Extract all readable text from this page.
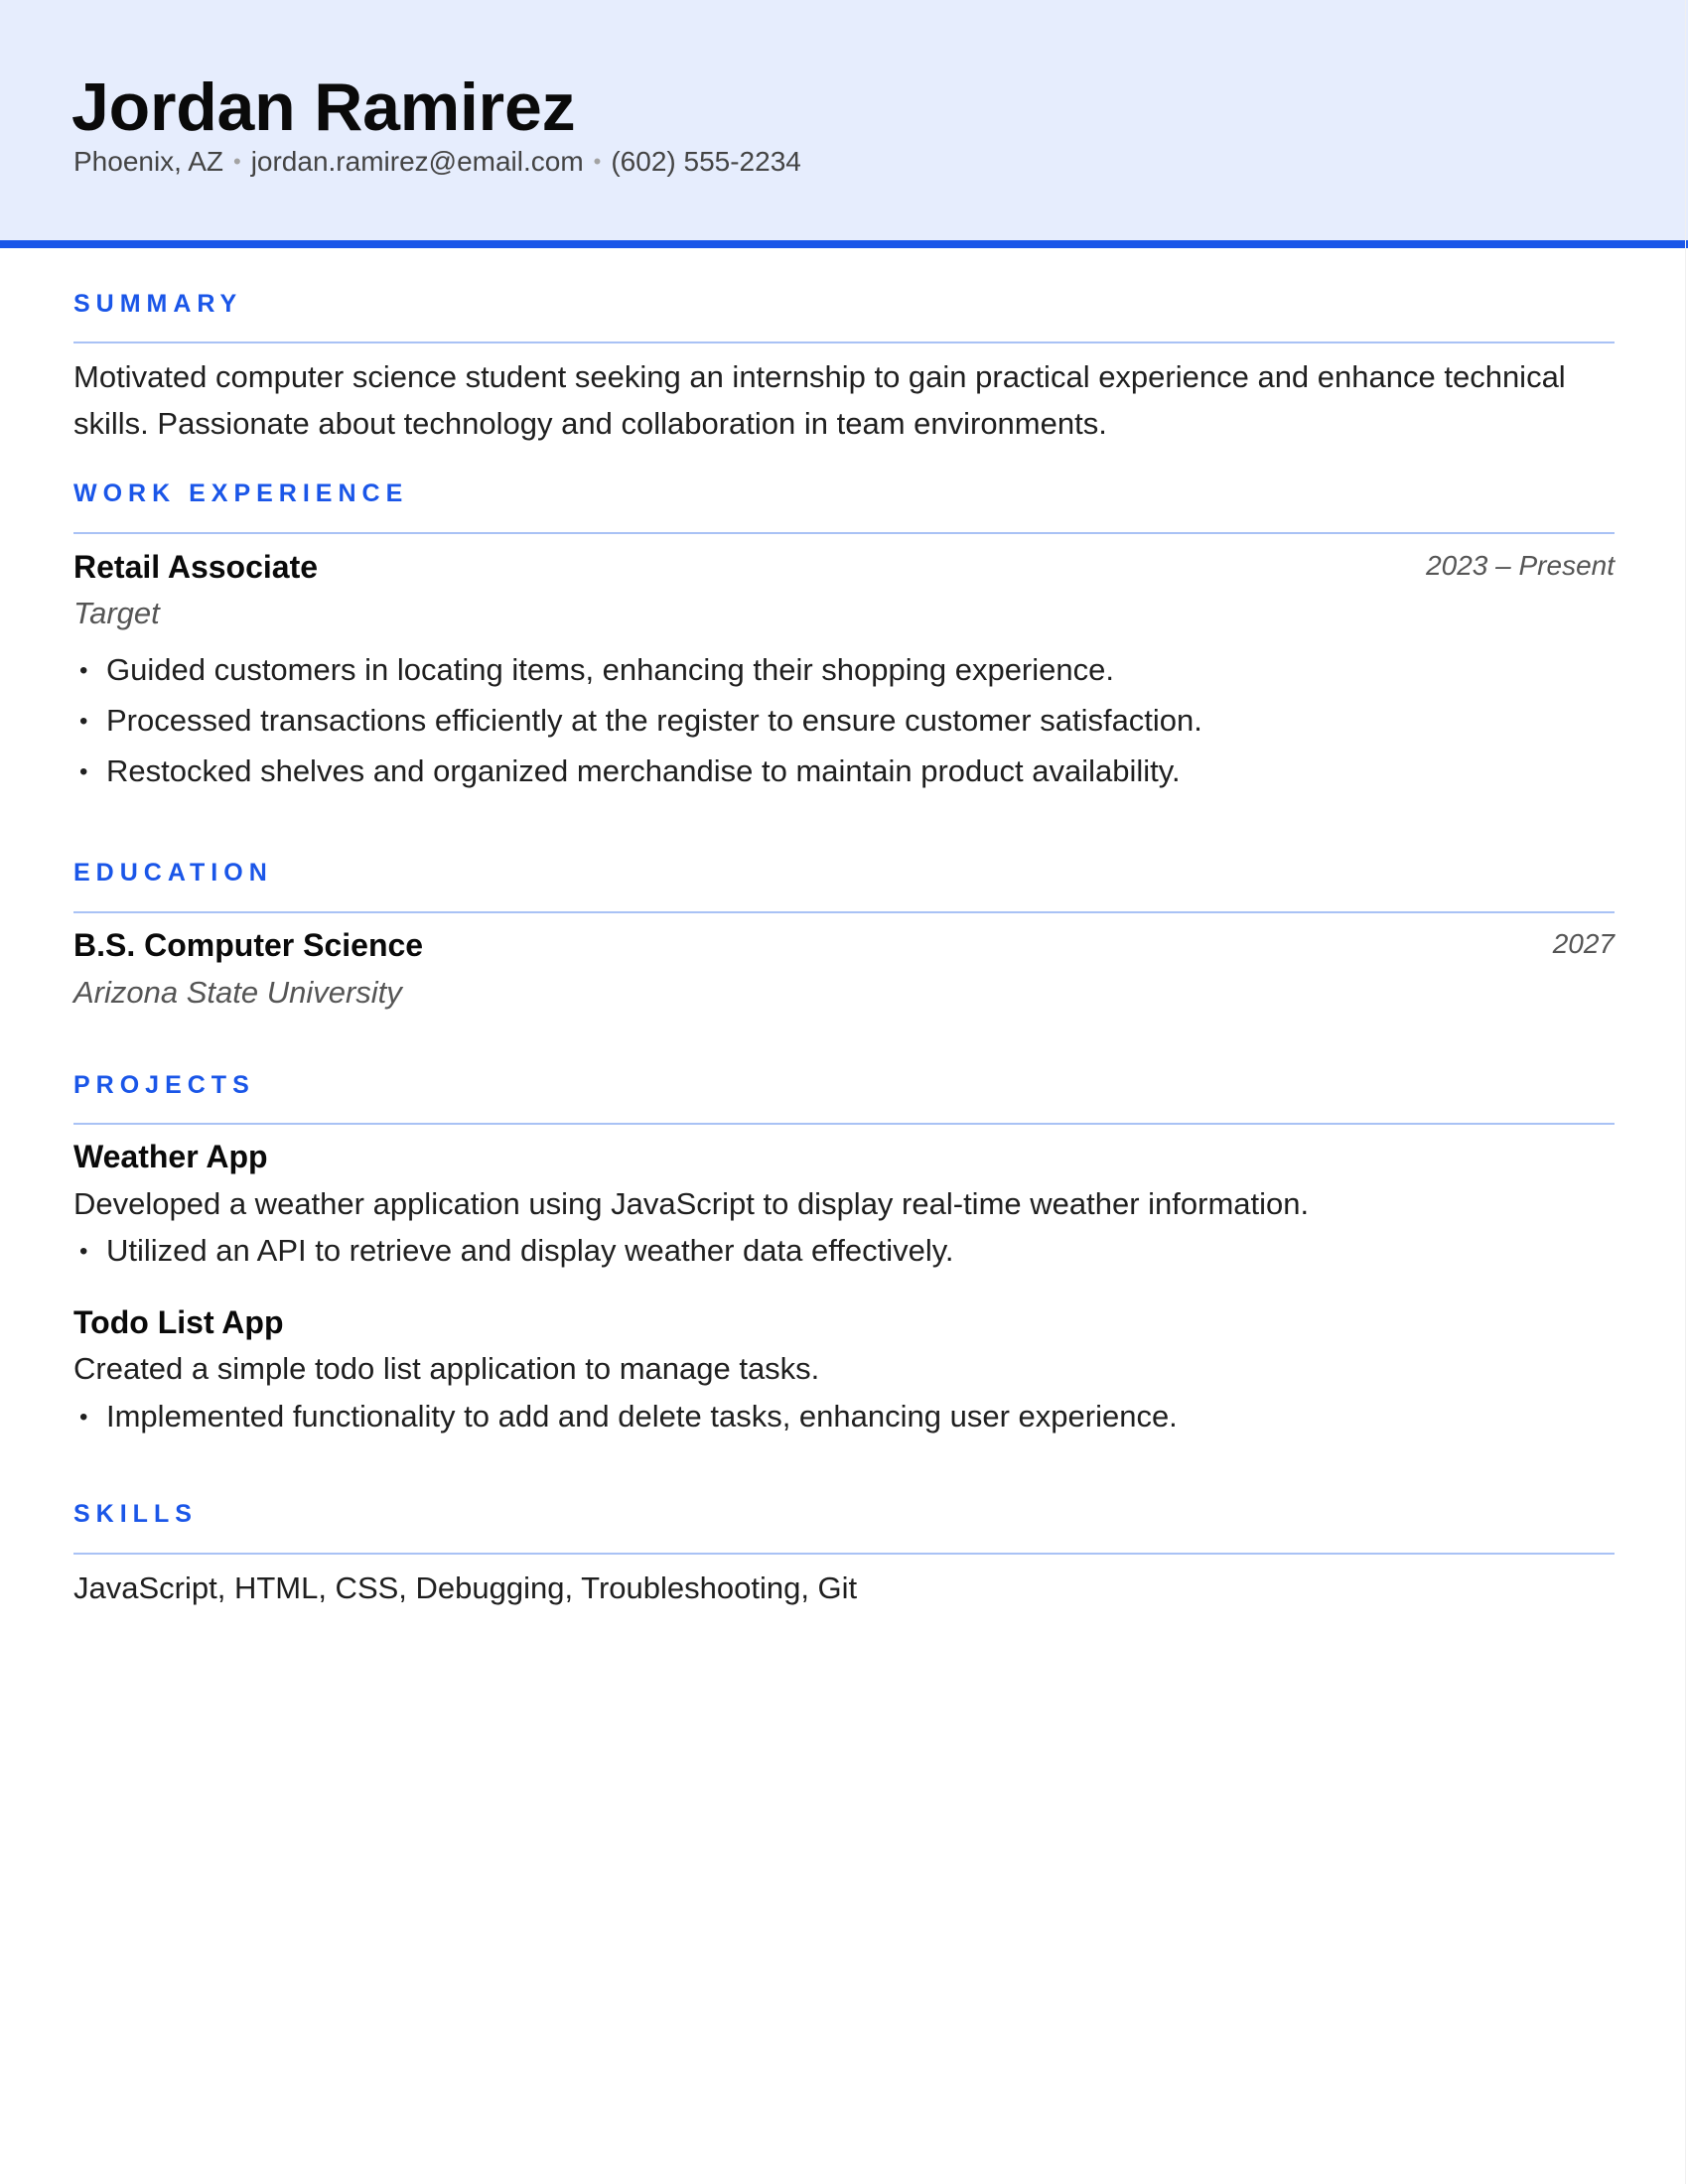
Jordan Ramirez
Phoenix, AZ • jordan.ramirez@email.com • (602) 555-2234
SUMMARY
Motivated computer science student seeking an internship to gain practical experience and enhance technical
skills. Passionate about technology and collaboration in team environments.
WORK EXPERIENCE
Retail Associate	2023 – Present
Target
• Guided customers in locating items, enhancing their shopping experience.
• Processed transactions efficiently at the register to ensure customer satisfaction.
• Restocked shelves and organized merchandise to maintain product availability.
EDUCATION
B.S. Computer Science	2027
Arizona State University
PROJECTS
Weather App
Developed a weather application using JavaScript to display real-time weather information.
• Utilized an API to retrieve and display weather data effectively.
Todo List App
Created a simple todo list application to manage tasks.
• Implemented functionality to add and delete tasks, enhancing user experience.
SKILLS
JavaScript, HTML, CSS, Debugging, Troubleshooting, Git
